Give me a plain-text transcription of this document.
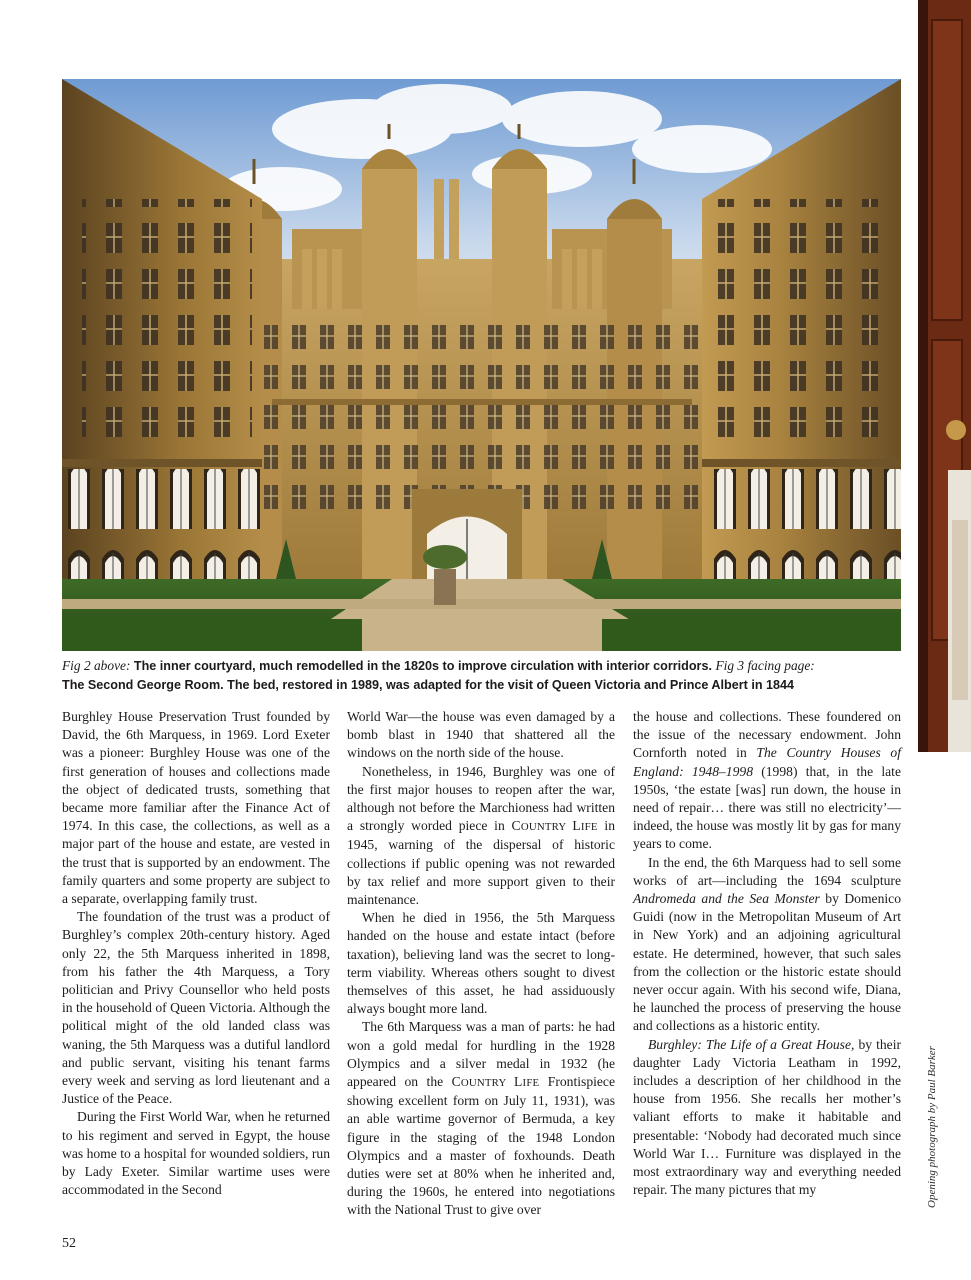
Fig 2 above: The inner courtyard, much remodelled in the 1820s to improve circulation with interior corridors. Fig 3 facing page:
The Second George Room. The bed, restored in 1989, was adapted for the visit of Queen Victoria and Prince Albert in 1844

Burghley House Preservation Trust founded by David, the 6th Marquess, in 1969. Lord Exeter was a pioneer: Burghley House was one of the first generation of houses and collections made the object of dedicated trusts, something that became more familiar after the Finance Act of 1974. In this case, the collections, as well as a major part of the house and estate, are vested in the trust that is supported by an endowment. The family quarters and some property are subject to a separate, overlapping family trust.

The foundation of the trust was a product of Burghley’s complex 20th-century history. Aged only 22, the 5th Marquess inherited in 1898, from his father the 4th Marquess, a Tory politician and Privy Counsellor who held posts in the household of Queen Victoria. Although the political might of the old landed class was waning, the 5th Marquess was a dutiful landlord and public servant, visiting his tenant farms every week and serving as lord lieutenant and a Justice of the Peace.

During the First World War, when he returned to his regiment and served in Egypt, the house was home to a hospital for wounded soldiers, run by Lady Exeter. Similar wartime uses were accommodated in the Second

World War—the house was even damaged by a bomb blast in 1940 that shattered all the windows on the north side of the house.

Nonetheless, in 1946, Burghley was one of the first major houses to reopen after the war, although not before the Marchioness had written a strongly worded piece in COUNTRY LIFE in 1945, warning of the dispersal of historic collections if public opening was not rewarded by tax relief and more support given to their maintenance.

When he died in 1956, the 5th Marquess handed on the house and estate intact (before taxation), believing land was the secret to long-term viability. Whereas others sought to divest themselves of this asset, he had assiduously always bought more land.

The 6th Marquess was a man of parts: he had won a gold medal for hurdling in the 1928 Olympics and a silver medal in 1932 (he appeared on the COUNTRY LIFE Frontispiece showing excellent form on July 11, 1931), was an able wartime governor of Bermuda, a key figure in the staging of the 1948 London Olympics and a master of foxhounds. Death duties were set at 80% when he inherited and, during the 1960s, he entered into negotiations with the National Trust to give over

the house and collections. These foundered on the issue of the necessary endowment. John Cornforth noted in The Country Houses of England: 1948–1998 (1998) that, in the late 1950s, ‘the estate [was] run down, the house in need of repair… there was still no electricity’—indeed, the house was mostly lit by gas for many years to come.

In the end, the 6th Marquess had to sell some works of art—including the 1694 sculpture Andromeda and the Sea Monster by Domenico Guidi (now in the Metropolitan Museum of Art in New York) and an adjoining agricultural estate. He determined, however, that such sales from the collection or the historic estate should never occur again. With his second wife, Diana, he launched the process of preserving the house and collections as a historic entity.

Burghley: The Life of a Great House, by their daughter Lady Victoria Leatham in 1992, includes a description of her childhood in the house from 1956. She recalls her mother’s valiant efforts to make it habitable and presentable: ‘Nobody had decorated much since World War I… Furniture was displayed in the most extraordinary way and everything needed repair. The many pictures that my

52
Opening photograph by Paul Barker
